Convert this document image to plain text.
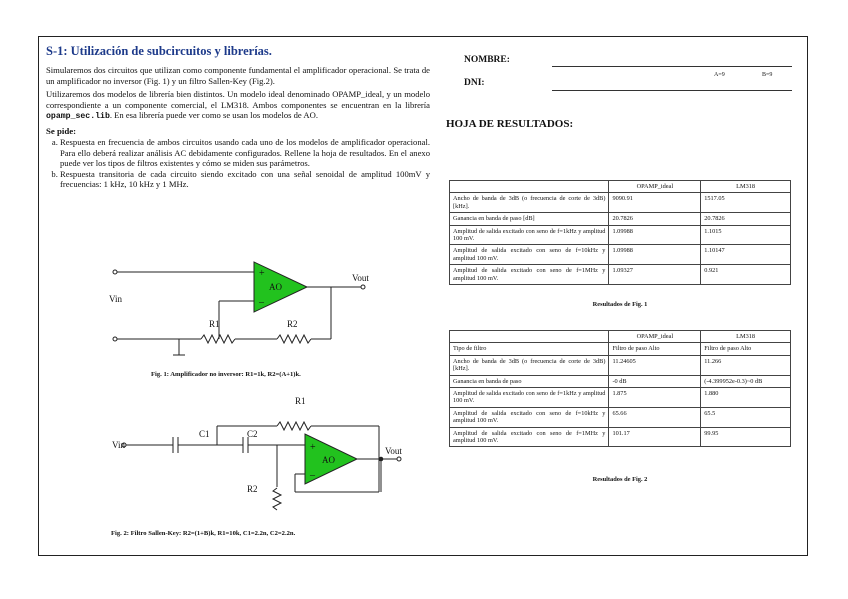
S-1: Utilización de subcircuitos y librerías.

Simularemos dos circuitos que utilizan como componente fundamental el amplificador operacional. Se trata de un amplificador no inversor (Fig. 1) y un filtro Sallen-Key (Fig.2).

Utilizaremos dos modelos de librería bien distintos. Un modelo ideal denominado OPAMP_ideal, y un modelo correspondiente a un componente comercial, el LM318. Ambos componentes se encuentran en la librería opamp_sec.lib. En esa librería puede ver como se usan los modelos de AO.

Se pide:

a. Respuesta en frecuencia de ambos circuitos usando cada uno de los modelos de amplificador operacional. Para ello deberá realizar análisis AC debidamente configurados. Rellene la hoja de resultados. En el anexo puede ver los tipos de filtros existentes y cómo se miden sus parámetros.
b. Respuesta transitoria de cada circuito siendo excitado con una señal senoidal de amplitud 100mV y frecuencias: 1 kHz, 10 kHz y 1 MHz.
+
–
AO
Vin
Vout
R1	R2
Fig. 1: Amplificador no inversor: R1=1k, R2=(A+1)k.
+
–
AO
Vin
Vout
C1	C2
R1
R2
Fig. 2: Filtro Sallen-Key: R2=(1+B)k, R1=10k, C1=2.2n, C2=2.2n.
NOMBRE:
DNI:
A=9	B=9

HOJA DE RESULTADOS:

	OPAMP_ideal	LM318
Ancho de banda de 3dB (o frecuencia de corte de 3dB) [kHz].	9090.91	1517.05
Ganancia en banda de paso [dB]	20.7826	20.7826
Amplitud de salida excitado con seno de f=1kHz y amplitud 100 mV.	1.09988	1.1015
Amplitud de salida excitado con seno de f=10kHz y amplitud 100 mV.	1.09988	1.10147
Amplitud de salida excitado con seno de f=1MHz y amplitud 100 mV.	1.09327	0.921
Resultados de Fig. 1
	OPAMP_ideal	LM318
Tipo de filtro	Filtro de paso Alto	Filtro de paso Alto
Ancho de banda de 3dB (o frecuencia de corte de 3dB) [kHz].	11.24605	11.266
Ganancia en banda de paso	-0 dB	(-4.399952e-0.3)~0 dB
Amplitud de salida excitado con seno de f=1kHz y amplitud 100 mV.	1.875	1.880
Amplitud de salida excitado con seno de f=10kHz y amplitud 100 mV.	65.66	65.5
Amplitud de salida excitado con seno de f=1MHz y amplitud 100 mV.	101.17	99.95
Resultados de Fig. 2
